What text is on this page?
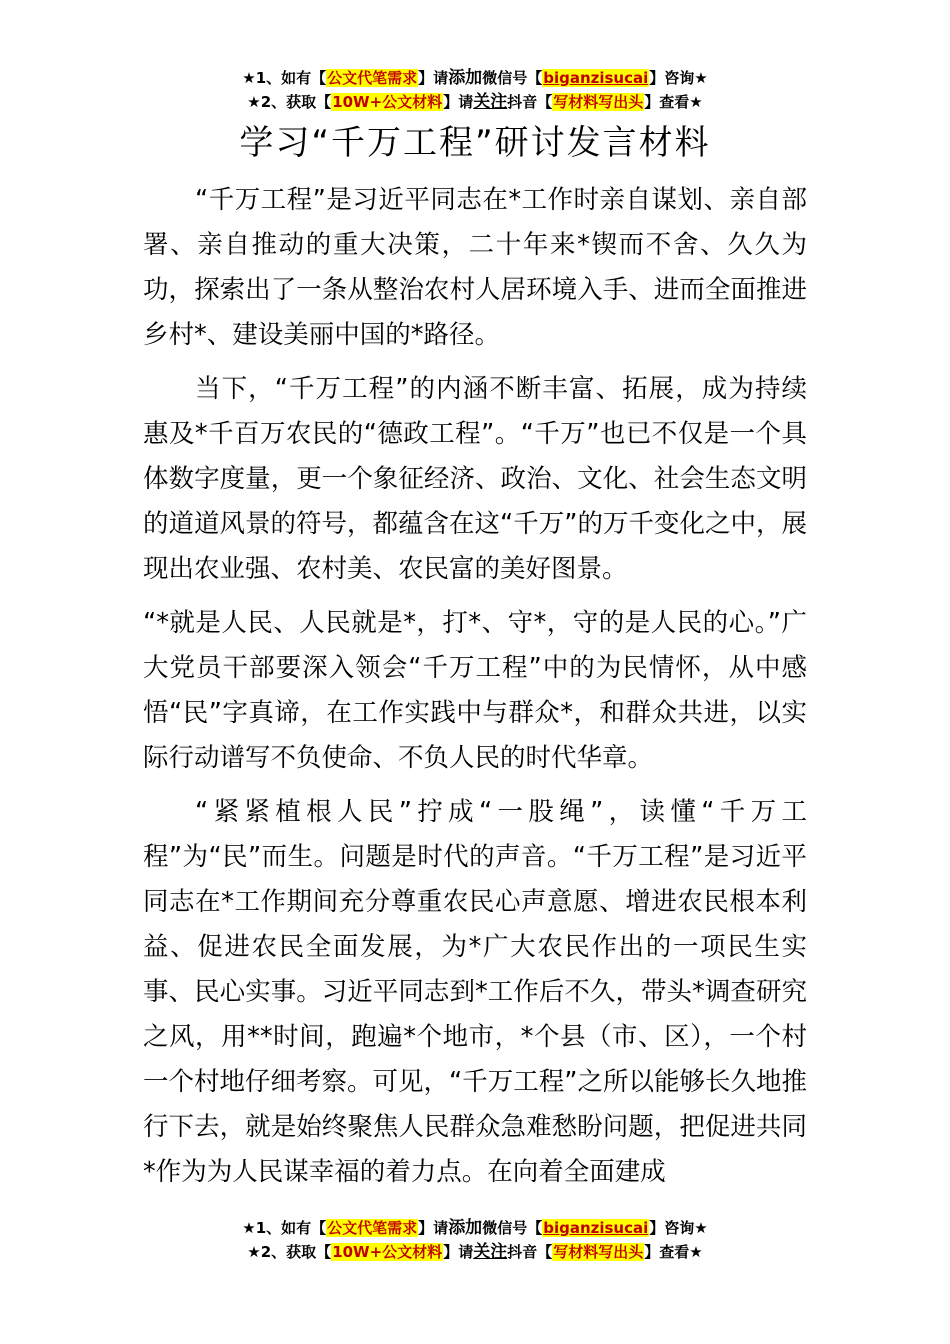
★1、如有【公文代笔需求】请添加微信号【biganzisucai】咨询★
★2、获取【10W+公文材料】请关注抖音【写材料写出头】查看★
学习“千万工程”研讨发言材料

“千万工程”是习近平同志在*工作时亲自谋划、亲自部署、亲自推动的重大决策，二十年来*锲而不舍、久久为功，探索出了一条从整治农村人居环境入手、进而全面推进乡村*、建设美丽中国的*路径。

当下，“千万工程”的内涵不断丰富、拓展，成为持续惠及*千百万农民的“德政工程”。“千万”也已不仅是一个具体数字度量，更一个象征经济、政治、文化、社会生态文明的道道风景的符号，都蕴含在这“千万”的万千变化之中，展现出农业强、农村美、农民富的美好图景。

“*就是人民、人民就是*，打*、守*，守的是人民的心。”广大党员干部要深入领会“千万工程”中的为民情怀，从中感悟“民”字真谛，在工作实践中与群众*，和群众共进，以实际行动谱写不负使命、不负人民的时代华章。

“紧紧植根人民”拧成“一股绳”，读懂“千万工程”为“民”而生。问题是时代的声音。“千万工程”是习近平同志在*工作期间充分尊重农民心声意愿、增进农民根本利益、促进农民全面发展，为*广大农民作出的一项民生实事、民心实事。习近平同志到*工作后不久，带头*调查研究之风，用**时间，跑遍*个地市，*个县（市、区），一个村一个村地仔细考察。可见，“千万工程”之所以能够长久地推行下去，就是始终聚焦人民群众急难愁盼问题，把促进共同*作为为人民谋幸福的着力点。在向着全面建成

★1、如有【公文代笔需求】请添加微信号【biganzisucai】咨询★
★2、获取【10W+公文材料】请关注抖音【写材料写出头】查看★
